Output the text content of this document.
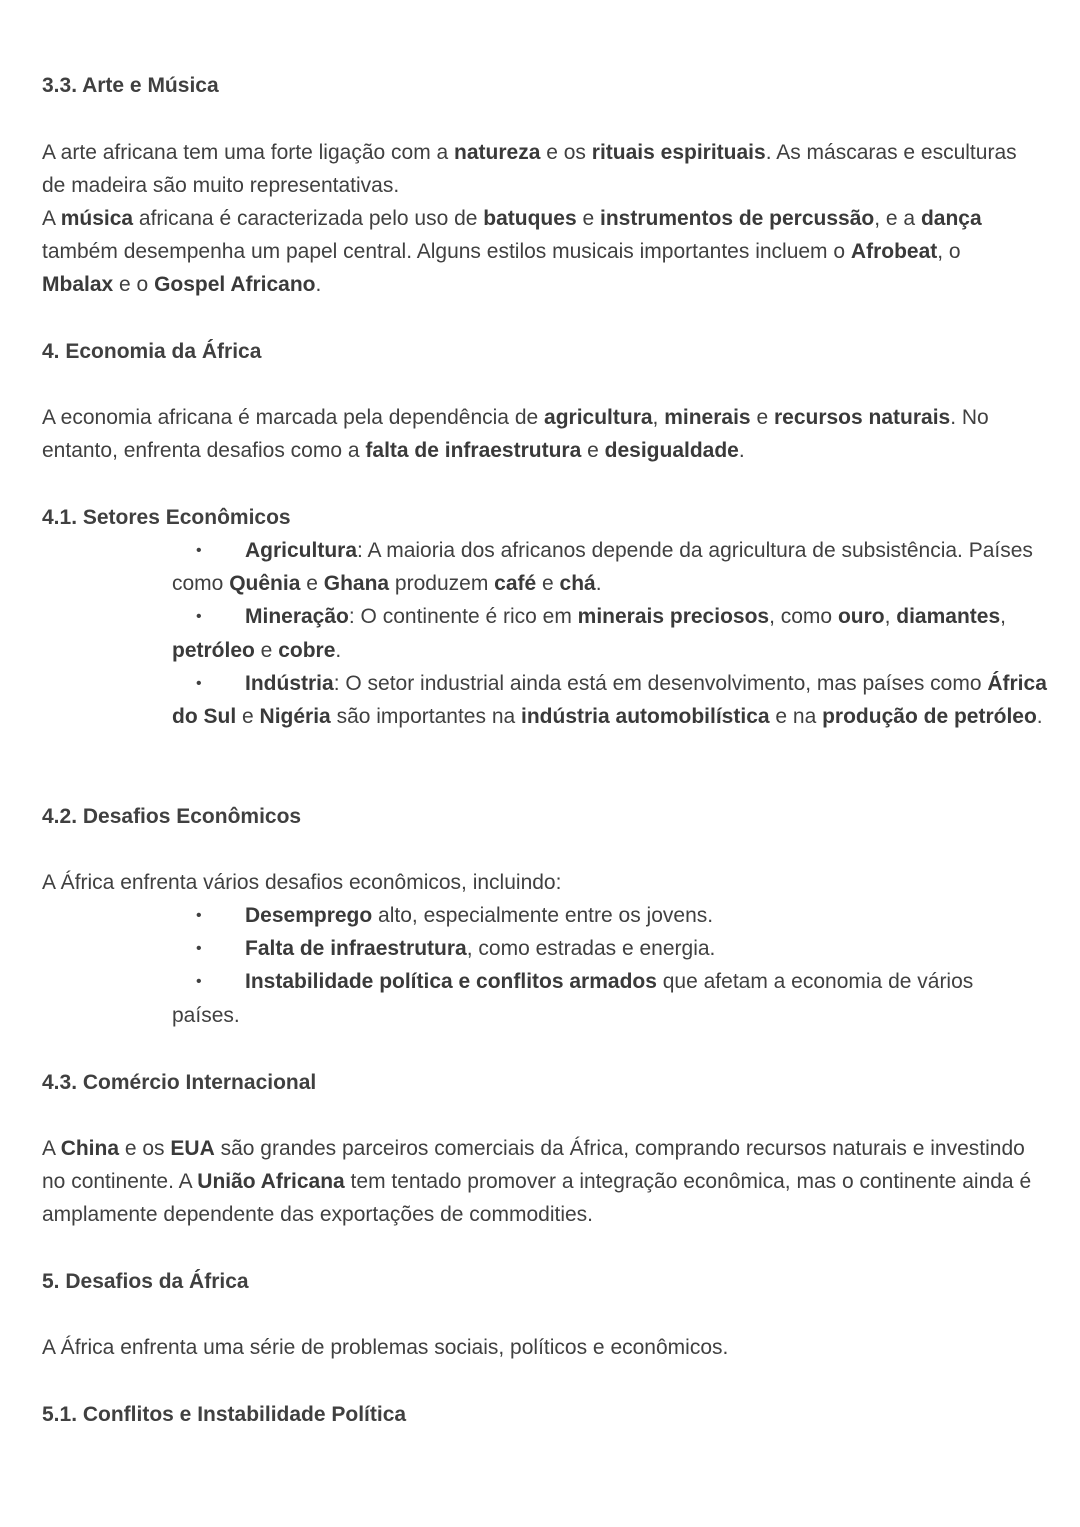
3.3. Arte e Música
A arte africana tem uma forte ligação com a natureza e os rituais espirituais. As máscaras e esculturas de madeira são muito representativas.
A música africana é caracterizada pelo uso de batuques e instrumentos de percussão, e a dança também desempenha um papel central. Alguns estilos musicais importantes incluem o Afrobeat, o Mbalax e o Gospel Africano.
4. Economia da África
A economia africana é marcada pela dependência de agricultura, minerais e recursos naturais. No entanto, enfrenta desafios como a falta de infraestrutura e desigualdade.
4.1. Setores Econômicos
• Agricultura: A maioria dos africanos depende da agricultura de subsistência. Países como Quênia e Ghana produzem café e chá.
• Mineração: O continente é rico em minerais preciosos, como ouro, diamantes, petróleo e cobre.
• Indústria: O setor industrial ainda está em desenvolvimento, mas países como África do Sul e Nigéria são importantes na indústria automobilística e na produção de petróleo.
4.2. Desafios Econômicos
A África enfrenta vários desafios econômicos, incluindo:
• Desemprego alto, especialmente entre os jovens.
• Falta de infraestrutura, como estradas e energia.
• Instabilidade política e conflitos armados que afetam a economia de vários países.
4.3. Comércio Internacional
A China e os EUA são grandes parceiros comerciais da África, comprando recursos naturais e investindo no continente. A União Africana tem tentado promover a integração econômica, mas o continente ainda é amplamente dependente das exportações de commodities.
5. Desafios da África
A África enfrenta uma série de problemas sociais, políticos e econômicos.
5.1. Conflitos e Instabilidade Política
